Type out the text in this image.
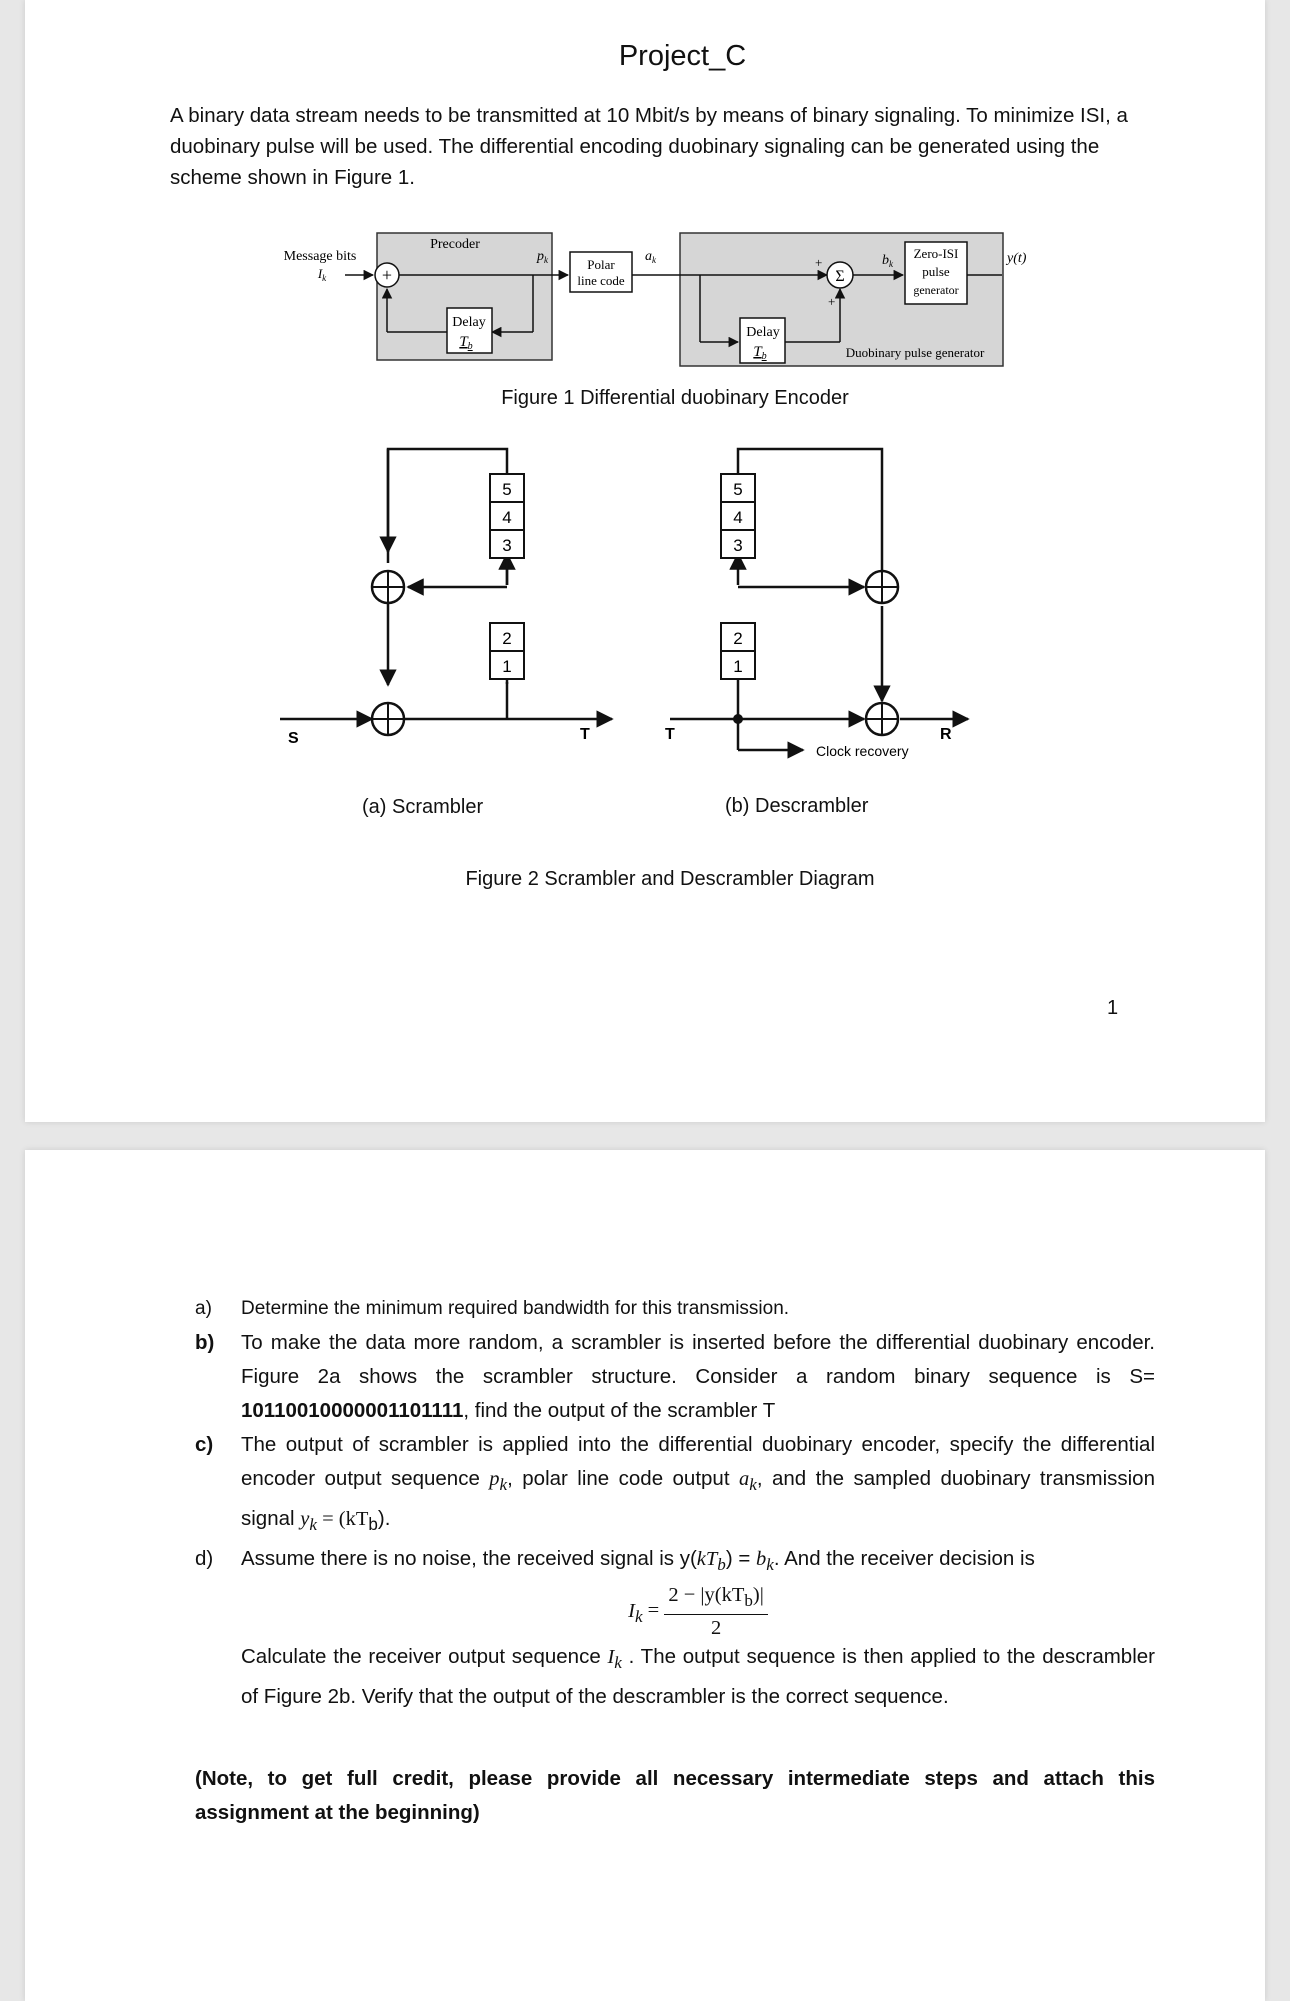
Project_C
A binary data stream needs to be transmitted at 10 Mbit/s by means of binary signaling. To minimize ISI, a duobinary pulse will be used. The differential encoding duobinary signaling can be generated using the scheme shown in Figure 1.
Precoder
Message bits
$I_k$	+
$p_k$
Delay
$T_b$
Polar
line code
$a_k$
Delay
$T_b$
+
+
Σ
$b_k$
Zero-ISI
pulse
generator
y(t)
Duobinary pulse generator
Figure 1 Differential duobinary Encoder
5
4
3
2
1
5
4
3
2
1
S	T	T	R
Clock recovery
(a) Scrambler	(b) Descrambler
Figure 2 Scrambler and Descrambler Diagram
1
a) Determine the minimum required bandwidth for this transmission.
b) To make the data more random, a scrambler is inserted before the differential duobinary encoder. Figure 2a shows the scrambler structure. Consider a random binary sequence is S= 10110010000001101111, find the output of the scrambler T
c) The output of scrambler is applied into the differential duobinary encoder, specify the differential encoder output sequence $p_k$, polar line code output $a_k$, and the sampled duobinary transmission signal $y_k = (kT_b)$.
d) Assume there is no noise, the received signal is $y(kT_b) = b_k$. And the receiver decision is
$I_k = \frac{2 - |y(kT_b)|}{2}$
Calculate the receiver output sequence $I_k$ . The output sequence is then applied to the descrambler of Figure 2b. Verify that the output of the descrambler is the correct sequence.
(Note, to get full credit, please provide all necessary intermediate steps and attach this assignment at the beginning)
